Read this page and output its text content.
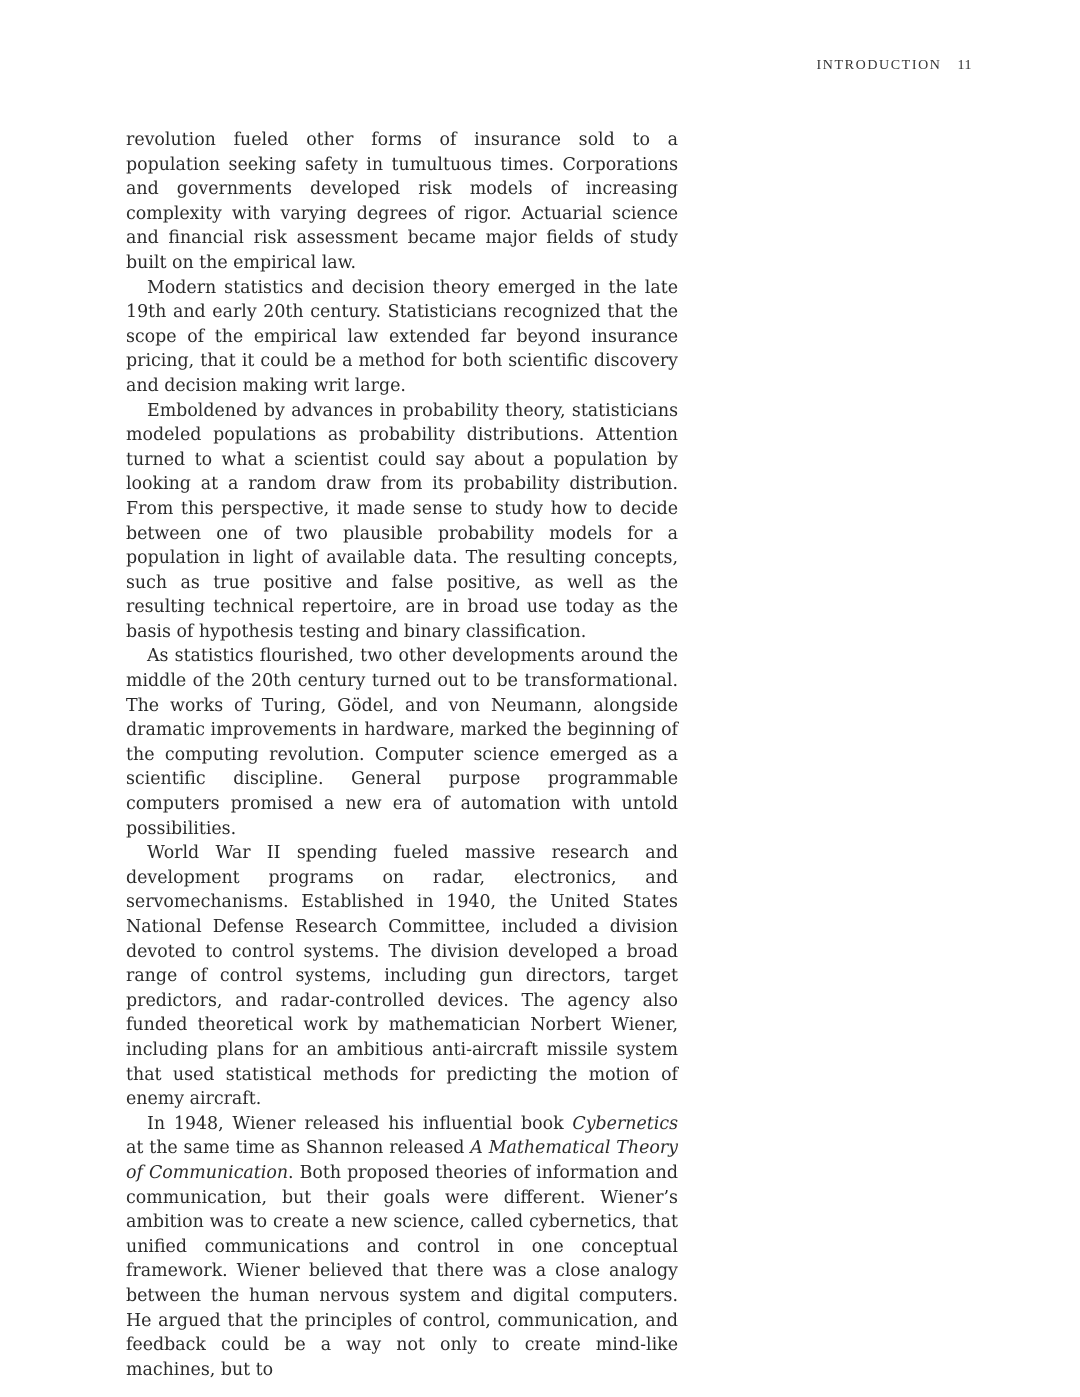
INTRODUCTION 11

revolution fueled other forms of insurance sold to a population seeking safety in tumultuous times. Corporations and governments developed risk models of increasing complexity with varying degrees of rigor. Actuarial science and financial risk assessment became major fields of study built on the empirical law.

Modern statistics and decision theory emerged in the late 19th and early 20th century. Statisticians recognized that the scope of the empirical law extended far beyond insurance pricing, that it could be a method for both scientific discovery and decision making writ large.

Emboldened by advances in probability theory, statisticians modeled populations as probability distributions. Attention turned to what a scientist could say about a population by looking at a random draw from its probability distribution. From this perspective, it made sense to study how to decide between one of two plausible probability models for a population in light of available data. The resulting concepts, such as true positive and false positive, as well as the resulting technical repertoire, are in broad use today as the basis of hypothesis testing and binary classification.

As statistics flourished, two other developments around the middle of the 20th century turned out to be transformational. The works of Turing, Gödel, and von Neumann, alongside dramatic improvements in hardware, marked the beginning of the computing revolution. Computer science emerged as a scientific discipline. General purpose programmable computers promised a new era of automation with untold possibilities.

World War II spending fueled massive research and development programs on radar, electronics, and servomechanisms. Established in 1940, the United States National Defense Research Committee, included a division devoted to control systems. The division developed a broad range of control systems, including gun directors, target predictors, and radar-controlled devices. The agency also funded theoretical work by mathematician Norbert Wiener, including plans for an ambitious anti-aircraft missile system that used statistical methods for predicting the motion of enemy aircraft.

In 1948, Wiener released his influential book Cybernetics at the same time as Shannon released A Mathematical Theory of Communication. Both proposed theories of information and communication, but their goals were different. Wiener’s ambition was to create a new science, called cybernetics, that unified communications and control in one conceptual framework. Wiener believed that there was a close analogy between the human nervous system and digital computers. He argued that the principles of control, communication, and feedback could be a way not only to create mind-like machines, but to
